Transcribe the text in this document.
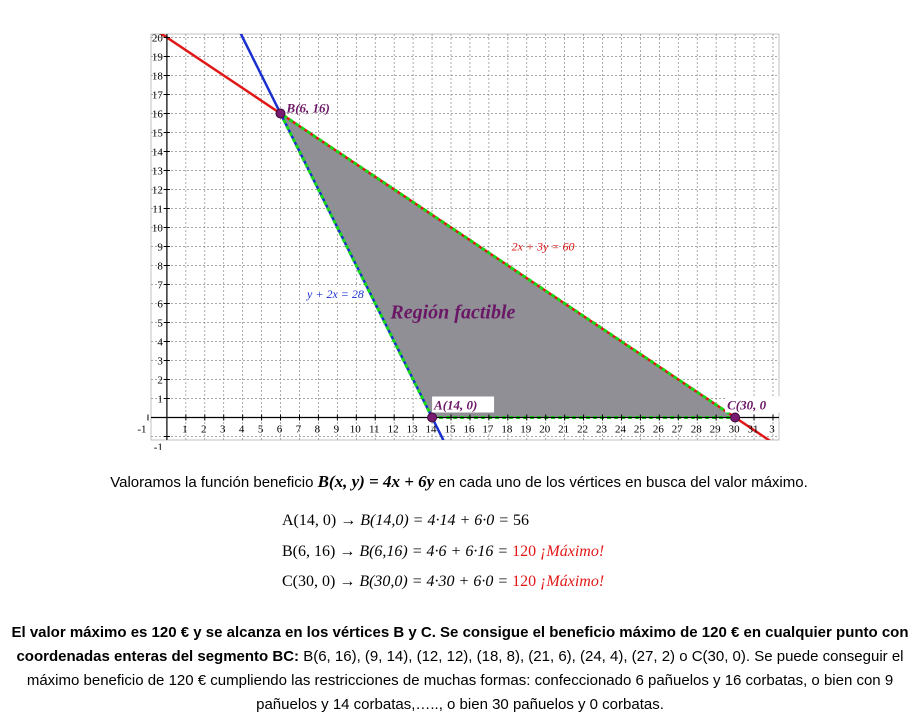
-1	1 2 3 4 5 6 7 8 9 10 11 12 13 14 15 16 17 18 19 20 21 22 23 24 25 26 27 28 29 30 31 3
-1
1
2
3
4
5
6
7
8
9
10
11
12
13
14
15
16
17
18
19
20
B(6, 16)
A(14, 0)	C(30, 0
2x + 3y = 60
Región factible
y + 2x = 28
Valoramos la función beneficio B(x, y) = 4x + 6y en cada uno de los vértices en busca del valor máximo.
A(14, 0) → B(14,0) = 4·14 + 6·0 = 56
B(6, 16) → B(6,16) = 4·6 + 6·16 = 120 ¡Máximo!
C(30, 0) → B(30,0) = 4·30 + 6·0 = 120 ¡Máximo!
El valor máximo es 120 € y se alcanza en los vértices B y C. Se consigue el beneficio máximo de 120 € en cualquier punto con coordenadas enteras del segmento BC: B(6, 16), (9, 14), (12, 12), (18, 8), (21, 6), (24, 4), (27, 2) o C(30, 0). Se puede conseguir el máximo beneficio de 120 € cumpliendo las restricciones de muchas formas: confeccionado 6 pañuelos y 16 corbatas, o bien con 9 pañuelos y 14 corbatas,….., o bien 30 pañuelos y 0 corbatas.
